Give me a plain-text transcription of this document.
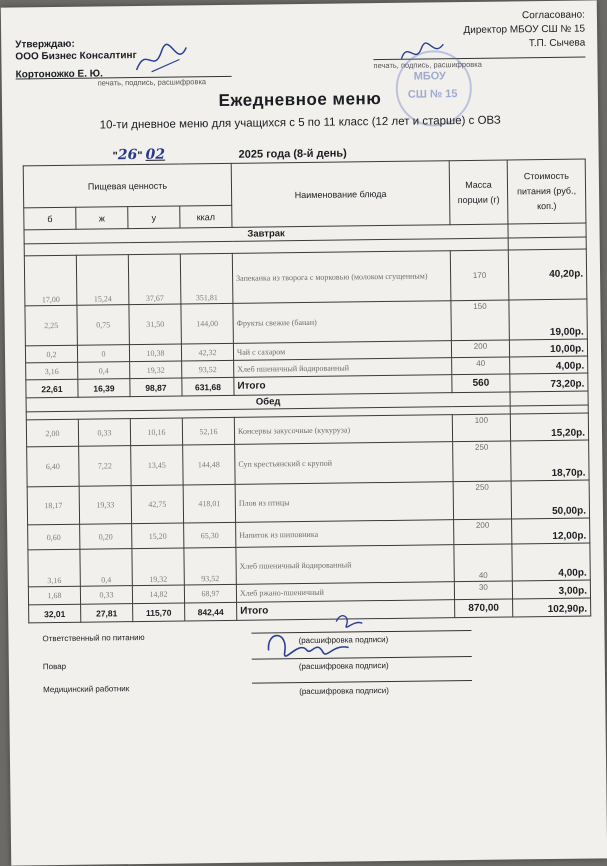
Утверждаю:
ООО Бизнес Консалтинг
Кортоножко Е. Ю.
печать, подпись, расшифровка
Согласовано:
Директор МБОУ СШ № 15
Т.П. Сычева
печать, подпись, расшифровка
МБОУ
СШ № 15
Ежедневное меню
10-ти дневное меню для учащихся с 5 по 11 класс (12 лет и старше) с ОВЗ
"26" 02	2025 года (8-й день)
Пищевая ценность				Наименование блюда	Масса порции (г)	Стоимость питания (руб., коп.)
б	ж	у	ккал			
Завтрак						

17,00	15,24	37,67	351,81	Запеканка из творога с морковью (молоком сгущенным)	170	40,20р.
2,25	0,75	31,50	144,00	Фрукты свежие (банан)	150	19,00р.
0,2	0	10,38	42,32	Чай с сахаром	200	10,00р.
3,16	0,4	19,32	93,52	Хлеб пшеничный йодированный	40	4,00р.
22,61	16,39	98,87	631,68	Итого	560	73,20р.
Обед						

2,00	0,33	10,16	52,16	Консервы закусочные (кукуруза)	100	15,20р.
6,40	7,22	13,45	144,48	Суп крестьянский с крупой	250	18,70р.
18,17	19,33	42,75	418,01	Плов из птицы	250	50,00р.
0,60	0,20	15,20	65,30	Напиток из шиповника	200	12,00р.
3,16	0,4	19,32	93,52	Хлеб пшеничный йодированный	40	4,00р.
1,68	0,33	14,82	68,97	Хлеб ржано-пшеничный	30	3,00р.
32,01	27,81	115,70	842,44	Итого	870,00	102,90р.
Ответственный по питанию	(расшифровка подписи)
Повар	(расшифровка подписи)
Медицинский работник	(расшифровка подписи)
